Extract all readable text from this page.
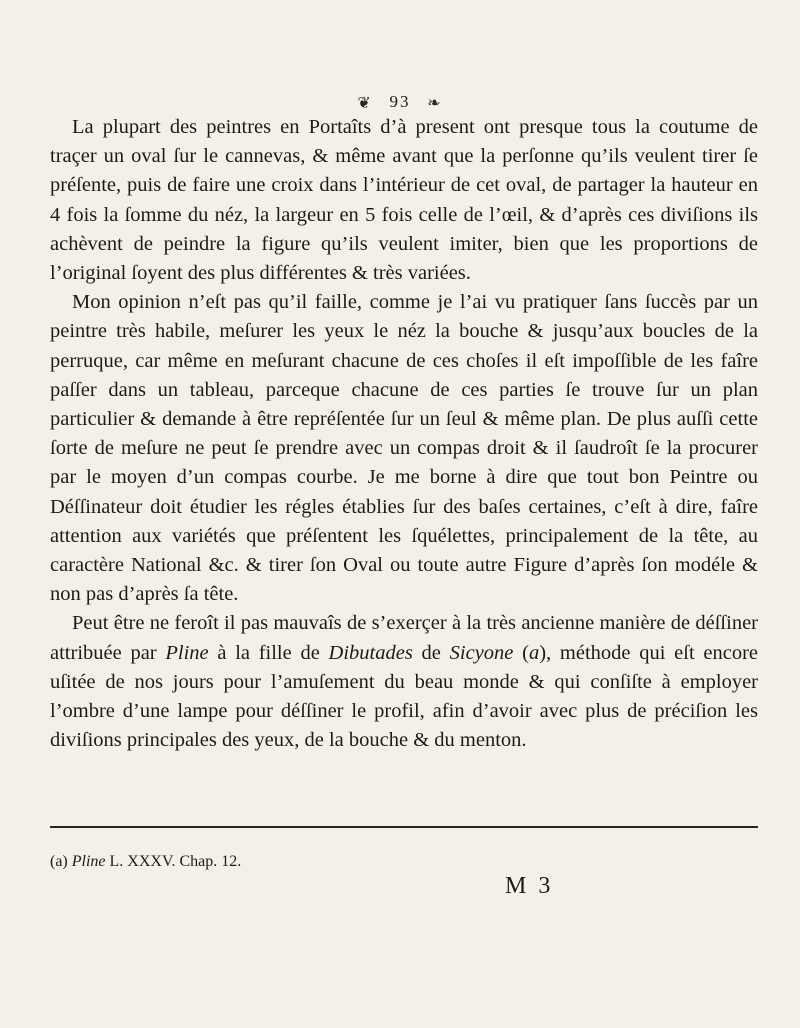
❦ 93 ❧

La plupart des peintres en Portaîts d’à present ont presque tous la coutume de traçer un oval ſur le cannevas, & même avant que la perſonne qu’ils veulent tirer ſe préſente, puis de faire une croix dans l’intérieur de cet oval, de partager la hauteur en 4 fois la ſomme du néz, la largeur en 5 fois celle de l’œil, & d’après ces diviſions ils achèvent de peindre la figure qu’ils veulent imiter, bien que les proportions de l’original ſoyent des plus différentes & très variées.

Mon opinion n’eſt pas qu’il faille, comme je l’ai vu pratiquer ſans ſuccès par un peintre très habile, meſurer les yeux le néz la bouche & jusqu’aux boucles de la perruque, car même en meſurant chacune de ces choſes il eſt impoſſible de les faîre paſſer dans un tableau, parceque chacune de ces parties ſe trouve ſur un plan particulier & demande à être repréſentée ſur un ſeul & même plan. De plus auſſi cette ſorte de meſure ne peut ſe prendre avec un compas droit & il ſaudroît ſe la procurer par le moyen d’un compas courbe. Je me borne à dire que tout bon Peintre ou Déſſinateur doit étudier les régles établies ſur des baſes certaines, c’eſt à dire, faîre attention aux variétés que préſentent les ſquélettes, principalement de la tête, au caractère National &c. & tirer ſon Oval ou toute autre Figure d’après ſon modéle & non pas d’après ſa tête.

Peut être ne feroît il pas mauvaîs de s’exerçer à la très ancienne manière de déſſiner attribuée par Pline à la fille de Dibutades de Sicyone (a), méthode qui eſt encore uſitée de nos jours pour l’amuſement du beau monde & qui conſiſte à employer l’ombre d’une lampe pour déſſiner le profil, afin d’avoir avec plus de préciſion les diviſions principales des yeux, de la bouche & du menton.

(a) Pline L. XXXV. Chap. 12.
M 3
